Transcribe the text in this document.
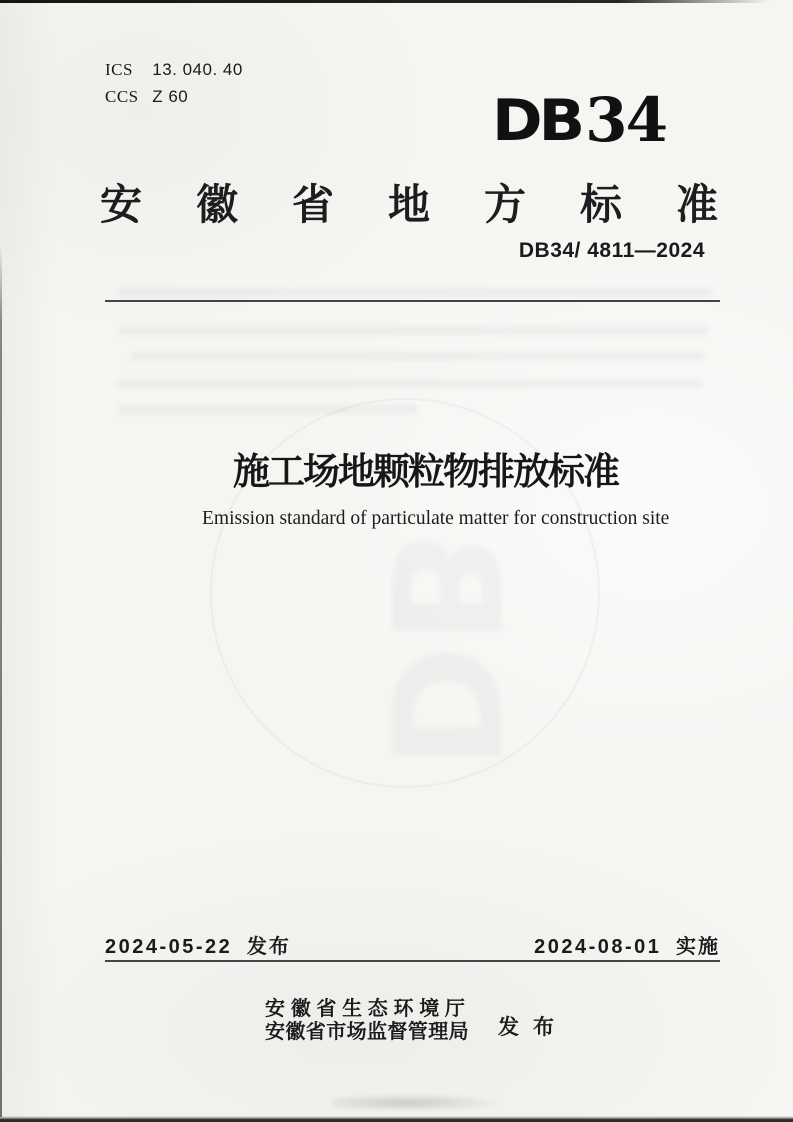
DB
ICS 13. 040. 40
CCS Z 60	DB 34
安徽省地方标准
DB34/ 4811—2024
施工场地颗粒物排放标准
Emission standard of particulate matter for construction site
2024-05-22 发布	2024-08-01 实施
安徽省生态环境厅
安徽省市场监督管理局 发布
